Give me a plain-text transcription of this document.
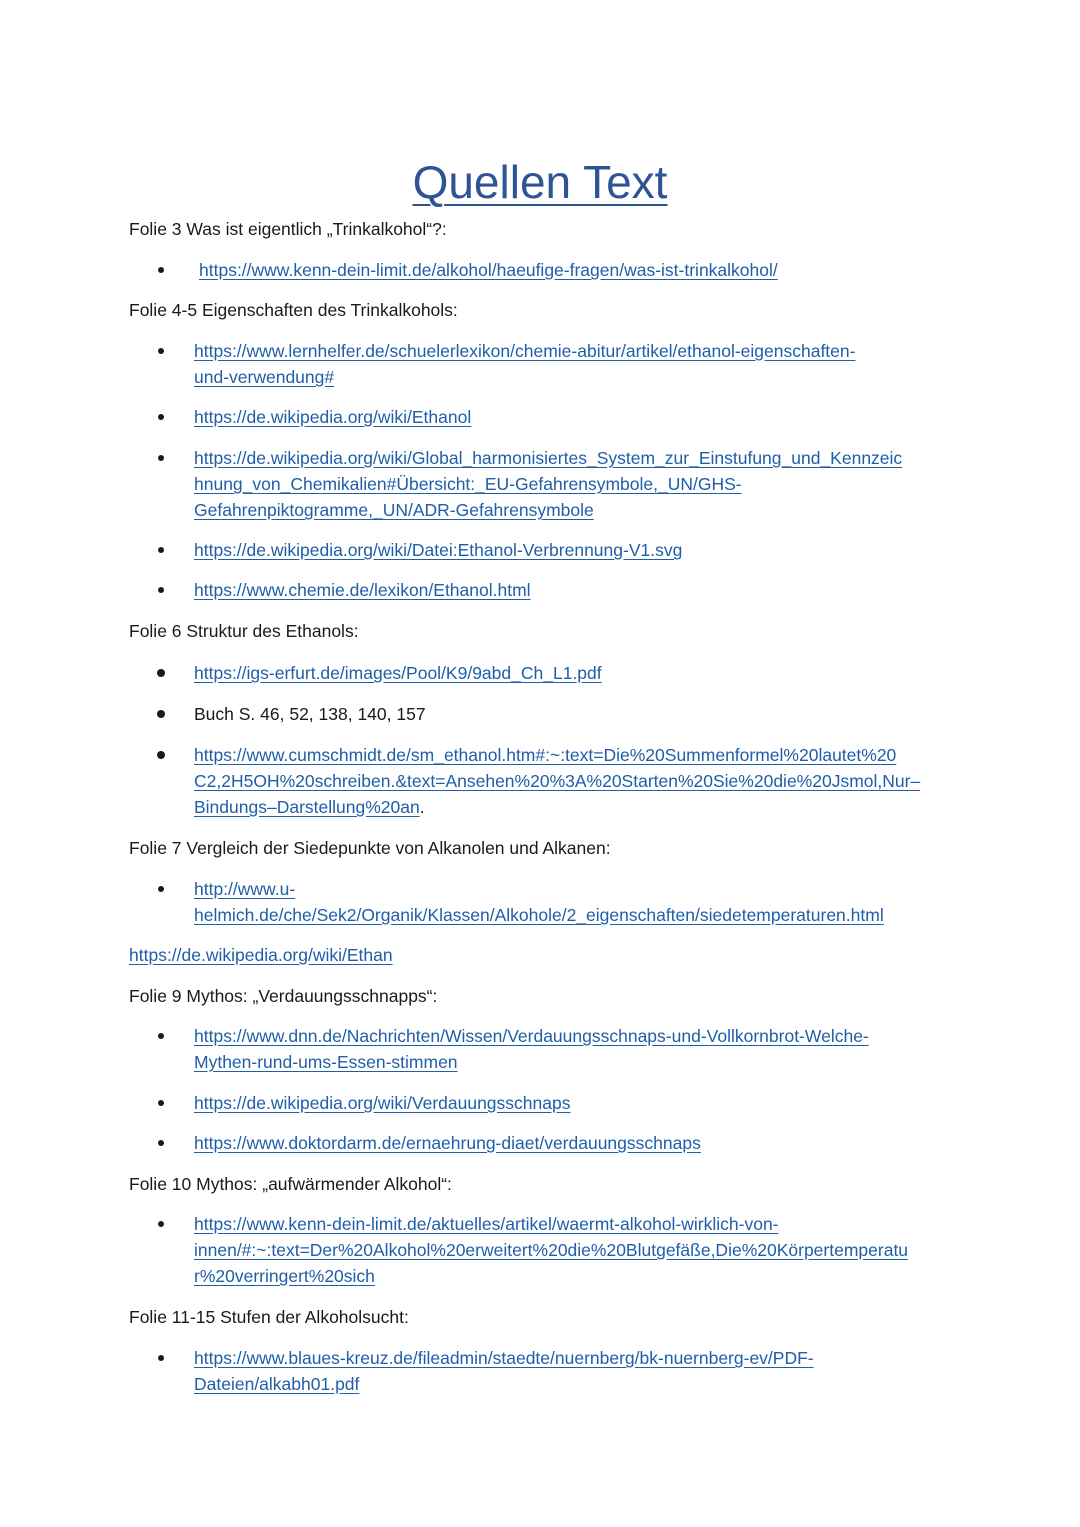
Quellen Text

Folie 3 Was ist eigentlich „Trinkalkohol“?:

https://www.kenn-dein-limit.de/alkohol/haeufige-fragen/was-ist-trinkalkohol/

Folie 4-5 Eigenschaften des Trinkalkohols:

https://www.lernhelfer.de/schuelerlexikon/chemie-abitur/artikel/ethanol-eigenschaften-
und-verwendung#

https://de.wikipedia.org/wiki/Ethanol

https://de.wikipedia.org/wiki/Global_harmonisiertes_System_zur_Einstufung_und_Kennzeic
hnung_von_Chemikalien#Übersicht:_EU-Gefahrensymbole,_UN/GHS-
Gefahrenpiktogramme,_UN/ADR-Gefahrensymbole

https://de.wikipedia.org/wiki/Datei:Ethanol-Verbrennung-V1.svg

https://www.chemie.de/lexikon/Ethanol.html

Folie 6 Struktur des Ethanols:

https://igs-erfurt.de/images/Pool/K9/9abd_Ch_L1.pdf

Buch S. 46, 52, 138, 140, 157

https://www.cumschmidt.de/sm_ethanol.htm#:~:text=Die%20Summenformel%20lautet%20
C2,2H5OH%20schreiben.&text=Ansehen%20%3A%20Starten%20Sie%20die%20Jsmol,Nur–
Bindungs–Darstellung%20an.

Folie 7 Vergleich der Siedepunkte von Alkanolen und Alkanen:

http://www.u-
helmich.de/che/Sek2/Organik/Klassen/Alkohole/2_eigenschaften/siedetemperaturen.html

https://de.wikipedia.org/wiki/Ethan

Folie 9 Mythos: „Verdauungsschnapps“:

https://www.dnn.de/Nachrichten/Wissen/Verdauungsschnaps-und-Vollkornbrot-Welche-
Mythen-rund-ums-Essen-stimmen

https://de.wikipedia.org/wiki/Verdauungsschnaps

https://www.doktordarm.de/ernaehrung-diaet/verdauungsschnaps

Folie 10 Mythos: „aufwärmender Alkohol“:

https://www.kenn-dein-limit.de/aktuelles/artikel/waermt-alkohol-wirklich-von-
innen/#:~:text=Der%20Alkohol%20erweitert%20die%20Blutgefäße,Die%20Körpertemperatu
r%20verringert%20sich

Folie 11-15 Stufen der Alkoholsucht:

https://www.blaues-kreuz.de/fileadmin/staedte/nuernberg/bk-nuernberg-ev/PDF-
Dateien/alkabh01.pdf
